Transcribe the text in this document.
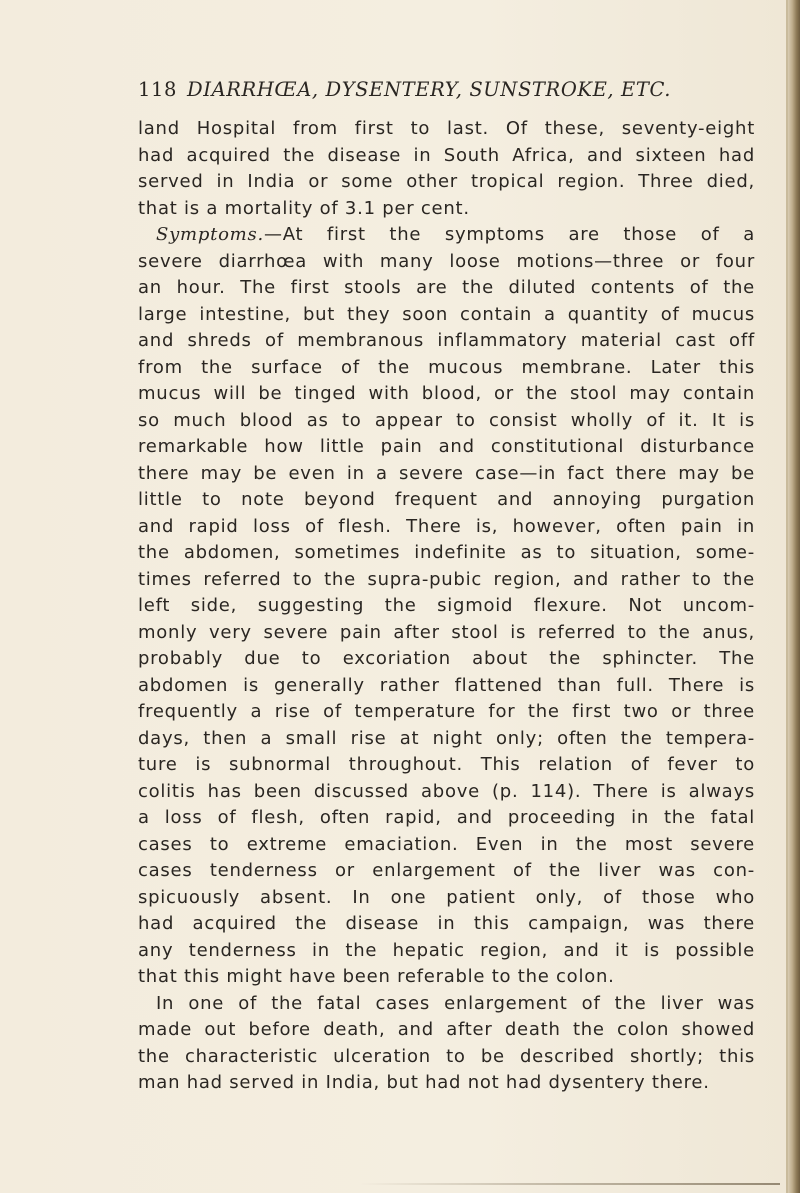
118 DIARRHŒA, DYSENTERY, SUNSTROKE, ETC.
land Hospital from first to last. Of these, seventy-eight
had acquired the disease in South Africa, and sixteen had
served in India or some other tropical region. Three died,
that is a mortality of 3.1 per cent.
Symptoms.—At first the symptoms are those of a
severe diarrhœa with many loose motions—three or four
an hour. The first stools are the diluted contents of the
large intestine, but they soon contain a quantity of mucus
and shreds of membranous inflammatory material cast off
from the surface of the mucous membrane. Later this
mucus will be tinged with blood, or the stool may contain
so much blood as to appear to consist wholly of it. It is
remarkable how little pain and constitutional disturbance
there may be even in a severe case—in fact there may be
little to note beyond frequent and annoying purgation
and rapid loss of flesh. There is, however, often pain in
the abdomen, sometimes indefinite as to situation, some-
times referred to the supra-pubic region, and rather to the
left side, suggesting the sigmoid flexure. Not uncom-
monly very severe pain after stool is referred to the anus,
probably due to excoriation about the sphincter. The
abdomen is generally rather flattened than full. There is
frequently a rise of temperature for the first two or three
days, then a small rise at night only; often the tempera-
ture is subnormal throughout. This relation of fever to
colitis has been discussed above (p. 114). There is always
a loss of flesh, often rapid, and proceeding in the fatal
cases to extreme emaciation. Even in the most severe
cases tenderness or enlargement of the liver was con-
spicuously absent. In one patient only, of those who
had acquired the disease in this campaign, was there
any tenderness in the hepatic region, and it is possible
that this might have been referable to the colon.
In one of the fatal cases enlargement of the liver was
made out before death, and after death the colon showed
the characteristic ulceration to be described shortly; this
man had served in India, but had not had dysentery there.
